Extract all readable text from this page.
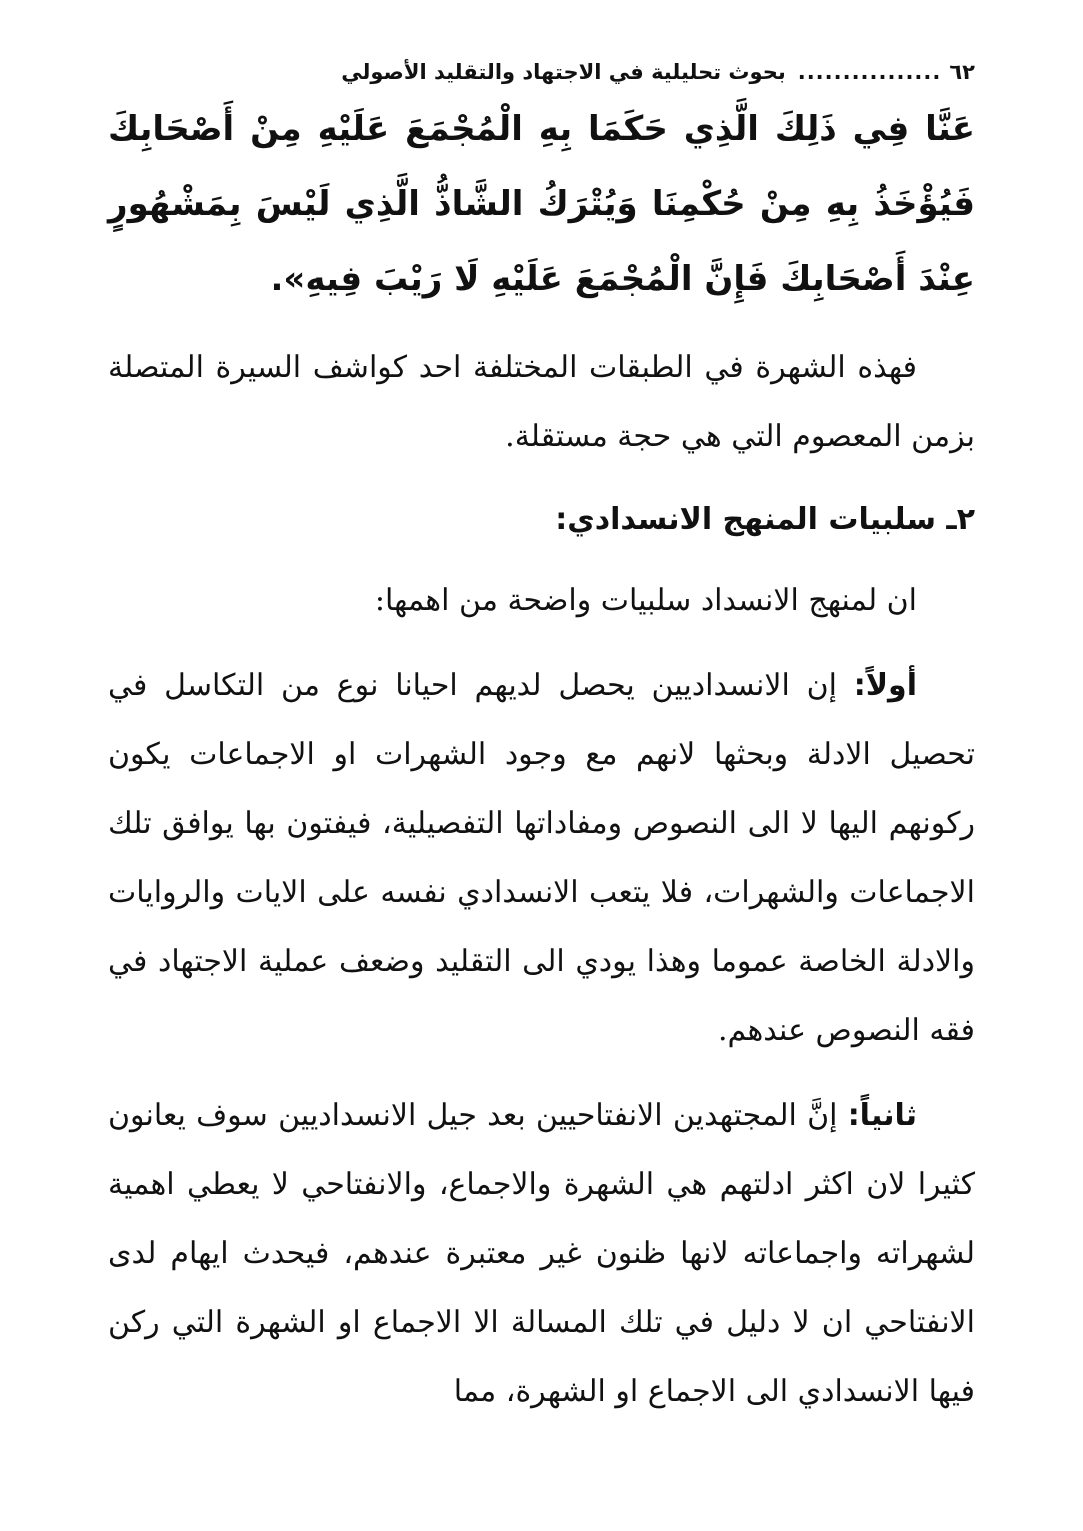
٦٢
................
بحوث تحليلية في الاجتهاد والتقليد الأصولي

عَنَّا فِي ذَلِكَ الَّذِي حَكَمَا بِهِ الْمُجْمَعَ عَلَيْهِ مِنْ أَصْحَابِكَ فَيُؤْخَذُ بِهِ مِنْ حُكْمِنَا وَيُتْرَكُ الشَّاذُّ الَّذِي لَيْسَ بِمَشْهُورٍ عِنْدَ أَصْحَابِكَ فَإِنَّ الْمُجْمَعَ عَلَيْهِ لَا رَيْبَ فِيهِ».

فهذه الشهرة في الطبقات المختلفة احد كواشف السيرة المتصلة بزمن المعصوم التي هي حجة مستقلة.

٢ـ سلبيات المنهج الانسدادي:

ان لمنهج الانسداد سلبيات واضحة من اهمها:

أولاً: إن الانسداديين يحصل لديهم احيانا نوع من التكاسل في تحصيل الادلة وبحثها لانهم مع وجود الشهرات او الاجماعات يكون ركونهم اليها لا الى النصوص ومفاداتها التفصيلية، فيفتون بها يوافق تلك الاجماعات والشهرات، فلا يتعب الانسدادي نفسه على الايات والروايات والادلة الخاصة عموما وهذا يودي الى التقليد وضعف عملية الاجتهاد في فقه النصوص عندهم.

ثانياً: إنَّ المجتهدين الانفتاحيين بعد جيل الانسداديين سوف يعانون كثيرا لان اكثر ادلتهم هي الشهرة والاجماع، والانفتاحي لا يعطي اهمية لشهراته واجماعاته لانها ظنون غير معتبرة عندهم، فيحدث ايهام لدى الانفتاحي ان لا دليل في تلك المسالة الا الاجماع او الشهرة التي ركن فيها الانسدادي الى الاجماع او الشهرة، مما
